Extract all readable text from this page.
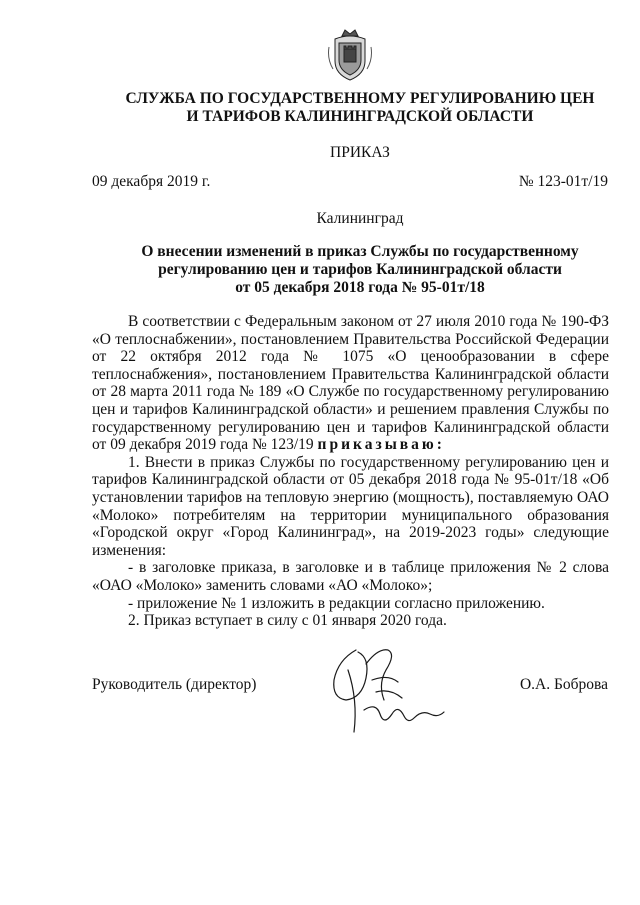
СЛУЖБА ПО ГОСУДАРСТВЕННОМУ РЕГУЛИРОВАНИЮ ЦЕН
И ТАРИФОВ КАЛИНИНГРАДСКОЙ ОБЛАСТИ
ПРИКАЗ
09 декабря 2019 г.	№ 123-01т/19
Калининград
О внесении изменений в приказ Службы по государственному
регулированию цен и тарифов Калининградской области
от 05 декабря 2018 года № 95-01т/18
В соответствии с Федеральным законом от 27 июля 2010 года № 190-ФЗ «О теплоснабжении», постановлением Правительства Российской Федерации от 22 октября 2012 года № 1075 «О ценообразовании в сфере теплоснабжения», постановлением Правительства Калининградской области от 28 марта 2011 года № 189 «О Службе по государственному регулированию цен и тарифов Калининградской области» и решением правления Службы по государственному регулированию цен и тарифов Калининградской области от 09 декабря 2019 года № 123/19 приказываю:
1. Внести в приказ Службы по государственному регулированию цен и тарифов Калининградской области от 05 декабря 2018 года № 95-01т/18 «Об установлении тарифов на тепловую энергию (мощность), поставляемую ОАО «Молоко» потребителям на территории муниципального образования «Городской округ «Город Калининград», на 2019-2023 годы» следующие изменения:
- в заголовке приказа, в заголовке и в таблице приложения № 2 слова «ОАО «Молоко» заменить словами «АО «Молоко»;
- приложение № 1 изложить в редакции согласно приложению.
2. Приказ вступает в силу с 01 января 2020 года.
Руководитель (директор)	О.А. Боброва
